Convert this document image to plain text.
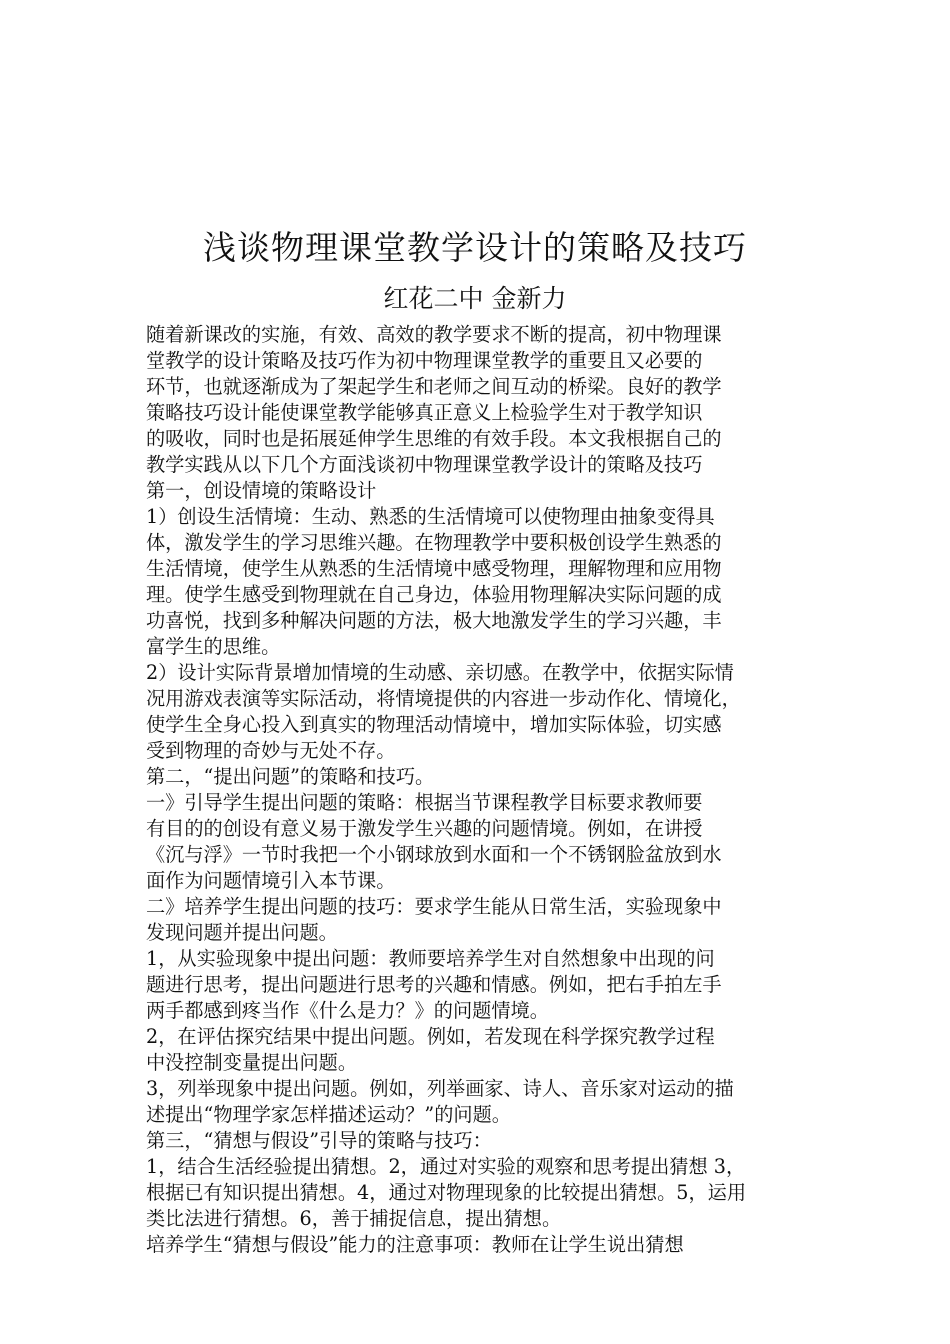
浅谈物理课堂教学设计的策略及技巧
红花二中 金新力
随着新课改的实施，有效、高效的教学要求不断的提高，初中物理课
堂教学的设计策略及技巧作为初中物理课堂教学的重要且又必要的
环节，也就逐渐成为了架起学生和老师之间互动的桥梁。良好的教学
策略技巧设计能使课堂教学能够真正意义上检验学生对于教学知识
的吸收，同时也是拓展延伸学生思维的有效手段。本文我根据自己的
教学实践从以下几个方面浅谈初中物理课堂教学设计的策略及技巧
第一，创设情境的策略设计
1）创设生活情境：生动、熟悉的生活情境可以使物理由抽象变得具
体，激发学生的学习思维兴趣。在物理教学中要积极创设学生熟悉的
生活情境，使学生从熟悉的生活情境中感受物理，理解物理和应用物
理。使学生感受到物理就在自己身边，体验用物理解决实际问题的成
功喜悦，找到多种解决问题的方法，极大地激发学生的学习兴趣，丰
富学生的思维。
2）设计实际背景增加情境的生动感、亲切感。在教学中，依据实际情
况用游戏表演等实际活动，将情境提供的内容进一步动作化、情境化，
使学生全身心投入到真实的物理活动情境中，增加实际体验，切实感
受到物理的奇妙与无处不存。
第二，“提出问题”的策略和技巧。
一》引导学生提出问题的策略：根据当节课程教学目标要求教师要
有目的的创设有意义易于激发学生兴趣的问题情境。例如，在讲授
《沉与浮》一节时我把一个小钢球放到水面和一个不锈钢脸盆放到水
面作为问题情境引入本节课。
二》培养学生提出问题的技巧：要求学生能从日常生活，实验现象中
发现问题并提出问题。
1，从实验现象中提出问题：教师要培养学生对自然想象中出现的问
题进行思考，提出问题进行思考的兴趣和情感。例如，把右手拍左手
两手都感到疼当作《什么是力？》的问题情境。
2，在评估探究结果中提出问题。例如，若发现在科学探究教学过程
中没控制变量提出问题。
3，列举现象中提出问题。例如，列举画家、诗人、音乐家对运动的描
述提出“物理学家怎样描述运动？”的问题。
第三，“猜想与假设”引导的策略与技巧：
1，结合生活经验提出猜想。2，通过对实验的观察和思考提出猜想 3，
根据已有知识提出猜想。4，通过对物理现象的比较提出猜想。5，运用
类比法进行猜想。6，善于捕捉信息，提出猜想。
培养学生“猜想与假设”能力的注意事项：教师在让学生说出猜想
